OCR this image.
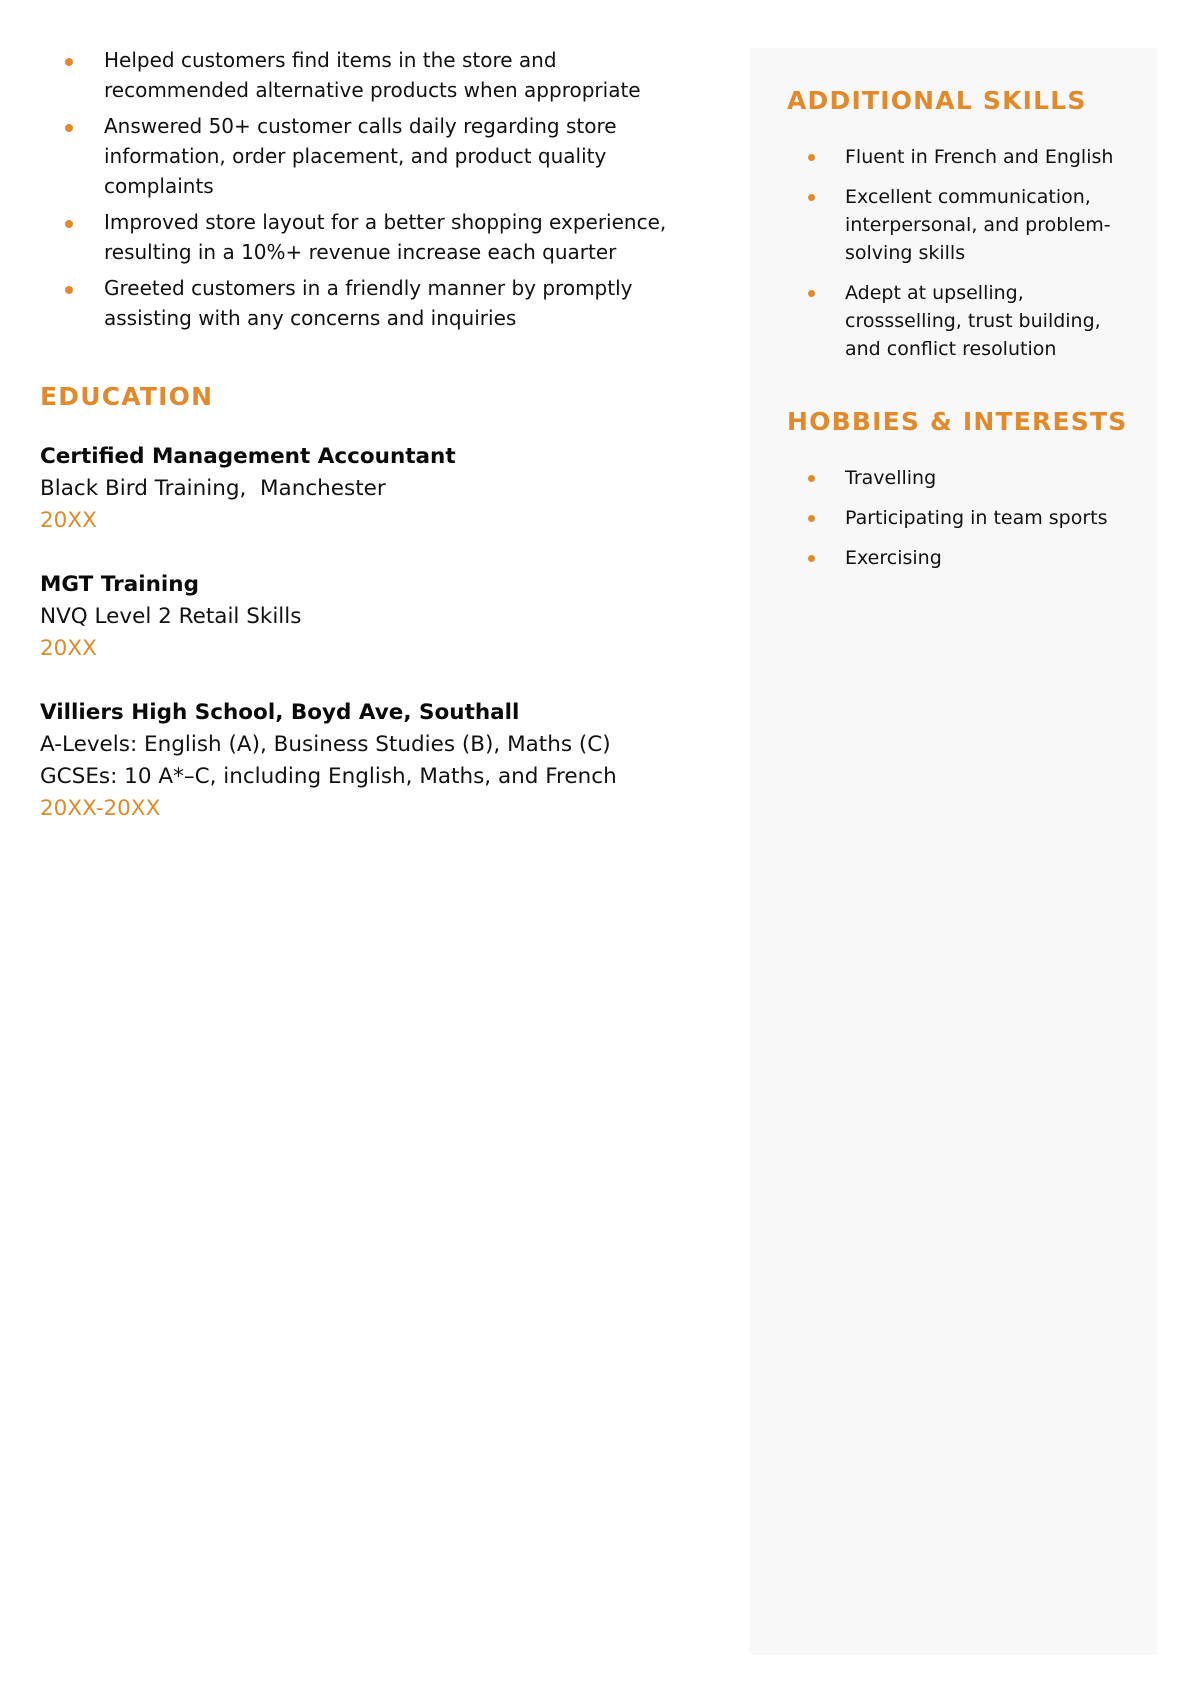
Helped customers find items in the store and recommended alternative products when appropriate
Answered 50+ customer calls daily regarding store information, order placement, and product quality complaints
Improved store layout for a better shopping experience, resulting in a 10%+ revenue increase each quarter
Greeted customers in a friendly manner by promptly assisting with any concerns and inquiries
EDUCATION
Certified Management Accountant
Black Bird Training,  Manchester
20XX
MGT Training
NVQ Level 2 Retail Skills
20XX
Villiers High School, Boyd Ave, Southall
A-Levels: English (A), Business Studies (B), Maths (C)
GCSEs: 10 A*–C, including English, Maths, and French
20XX-20XX
ADDITIONAL SKILLS
Fluent in French and English
Excellent communication, interpersonal, and problem-solving skills
Adept at upselling, crossselling, trust building, and conflict resolution
HOBBIES & INTERESTS
Travelling
Participating in team sports
Exercising
